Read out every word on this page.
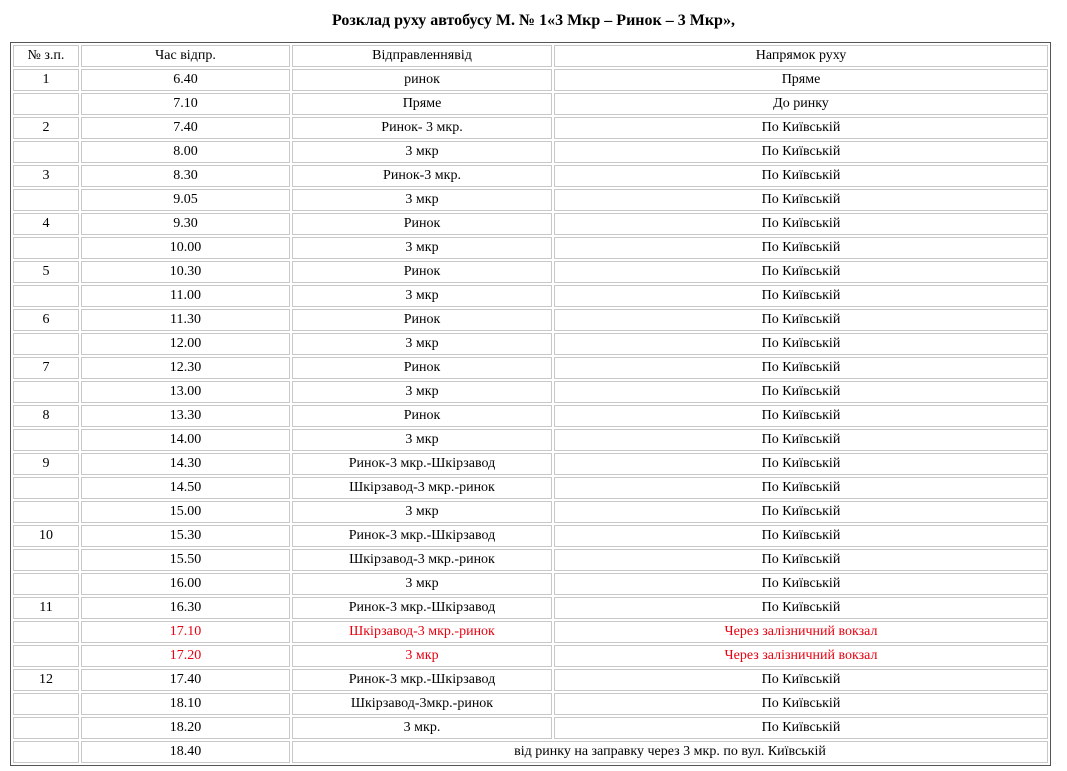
Розклад руху автобусу М. № 1«3 Мкр – Ринок – 3 Мкр»,
№ з.п.	Час відпр.	Відправленнявід	Напрямок руху
1	6.40	ринок	Пряме
	7.10	Пряме	До ринку
2	7.40	Ринок- 3 мкр.	По Київській
	8.00	3 мкр	По Київській
3	8.30	Ринок-3 мкр.	По Київській
	9.05	3 мкр	По Київській
4	9.30	Ринок	По Київській
	10.00	3 мкр	По Київській
5	10.30	Ринок	По Київській
	11.00	3 мкр	По Київській
6	11.30	Ринок	По Київській
	12.00	3 мкр	По Київській
7	12.30	Ринок	По Київській
	13.00	3 мкр	По Київській
8	13.30	Ринок	По Київській
	14.00	3 мкр	По Київській
9	14.30	Ринок-3 мкр.-Шкірзавод	По Київській
	14.50	Шкірзавод-3 мкр.-ринок	По Київській
	15.00	3 мкр	По Київській
10	15.30	Ринок-3 мкр.-Шкірзавод	По Київській
	15.50	Шкірзавод-3 мкр.-ринок	По Київській
	16.00	3 мкр	По Київській
11	16.30	Ринок-3 мкр.-Шкірзавод	По Київській
	17.10	Шкірзавод-3 мкр.-ринок	Через залізничний вокзал
	17.20	3 мкр	Через залізничний вокзал
12	17.40	Ринок-3 мкр.-Шкірзавод	По Київській
	18.10	Шкірзавод-3мкр.-ринок	По Київській
	18.20	3 мкр.	По Київській
	18.40	від ринку на заправку через 3 мкр. по вул. Київській	
